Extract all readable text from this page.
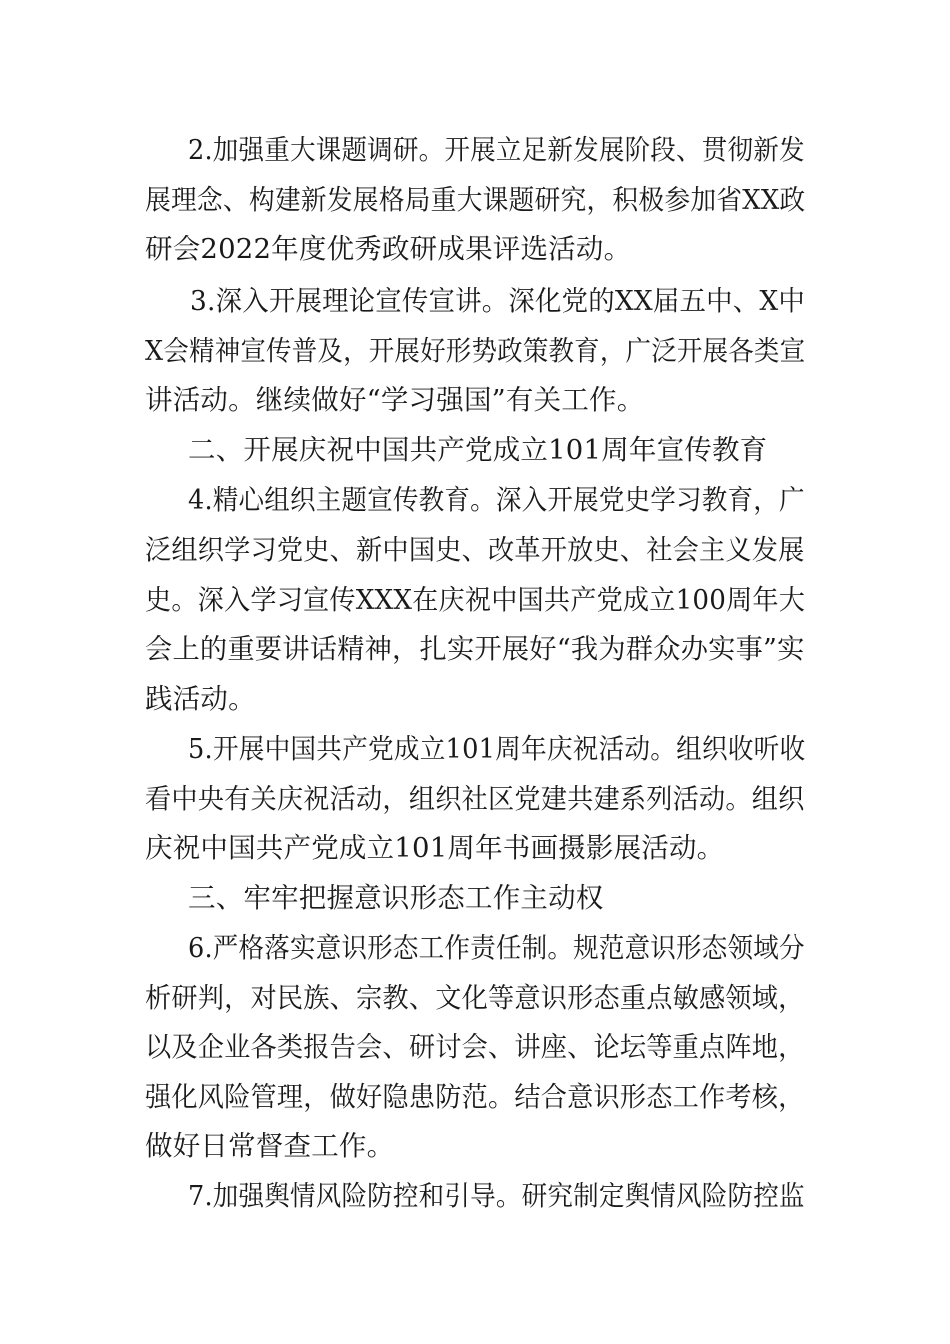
2.加强重大课题调研。开展立足新发展阶段、贯彻新发
展理念、构建新发展格局重大课题研究，积极参加省XX政
研会2022年度优秀政研成果评选活动。
3.深入开展理论宣传宣讲。深化党的XX届五中、X中
X会精神宣传普及，开展好形势政策教育，广泛开展各类宣
讲活动。继续做好“学习强国”有关工作。
二、开展庆祝中国共产党成立101周年宣传教育
4.精心组织主题宣传教育。深入开展党史学习教育，广
泛组织学习党史、新中国史、改革开放史、社会主义发展
史。深入学习宣传XXX在庆祝中国共产党成立100周年大
会上的重要讲话精神，扎实开展好“我为群众办实事”实
践活动。
5.开展中国共产党成立101周年庆祝活动。组织收听收
看中央有关庆祝活动，组织社区党建共建系列活动。组织
庆祝中国共产党成立101周年书画摄影展活动。
三、牢牢把握意识形态工作主动权
6.严格落实意识形态工作责任制。规范意识形态领域分
析研判，对民族、宗教、文化等意识形态重点敏感领域，
以及企业各类报告会、研讨会、讲座、论坛等重点阵地，
强化风险管理，做好隐患防范。结合意识形态工作考核，
做好日常督查工作。
7.加强舆情风险防控和引导。研究制定舆情风险防控监
